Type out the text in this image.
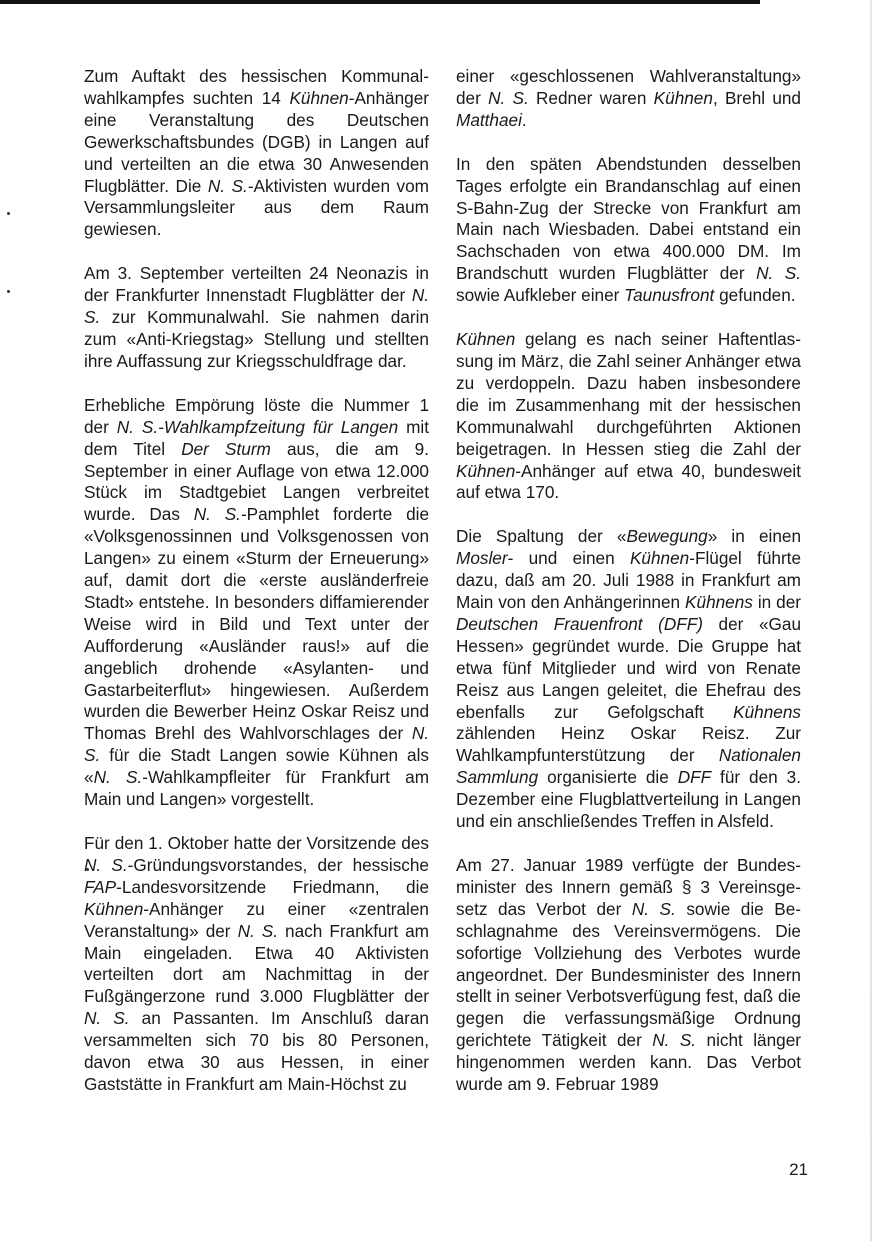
Zum Auftakt des hessischen Kommunalwahlkampfes suchten 14 Kühnen-Anhänger eine Veranstaltung des Deutschen Gewerkschaftsbundes (DGB) in Langen auf und verteilten an die etwa 30 Anwesenden Flugblätter. Die N. S.-Aktivisten wurden vom Versammlungsleiter aus dem Raum gewiesen.

Am 3. September verteilten 24 Neonazis in der Frankfurter Innenstadt Flugblätter der N. S. zur Kommunalwahl. Sie nahmen darin zum «Anti-Kriegstag» Stellung und stellten ihre Auffassung zur Kriegsschuldfrage dar.

Erhebliche Empörung löste die Nummer 1 der N. S.-Wahlkampfzeitung für Langen mit dem Titel Der Sturm aus, die am 9. September in einer Auflage von etwa 12.000 Stück im Stadtgebiet Langen verbreitet wurde. Das N. S.-Pamphlet forderte die «Volksgenossinnen und Volksgenossen von Langen» zu einem «Sturm der Erneuerung» auf, damit dort die «erste ausländerfreie Stadt» entstehe. In besonders diffamierender Weise wird in Bild und Text unter der Aufforderung «Ausländer raus!» auf die angeblich drohende «Asylanten- und Gastarbeiterflut» hingewiesen. Außerdem wurden die Bewerber Heinz Oskar Reisz und Thomas Brehl des Wahlvorschlages der N. S. für die Stadt Langen sowie Kühnen als «N. S.-Wahlkampfleiter für Frankfurt am Main und Langen» vorgestellt.

Für den 1. Oktober hatte der Vorsitzende des N. S.-Gründungsvorstandes, der hessische FAP-Landesvorsitzende Friedmann, die Kühnen-Anhänger zu einer «zentralen Veranstaltung» der N. S. nach Frankfurt am Main eingeladen. Etwa 40 Aktivisten verteilten dort am Nachmittag in der Fußgängerzone rund 3.000 Flugblätter der N. S. an Passanten. Im Anschluß daran versammelten sich 70 bis 80 Personen, davon etwa 30 aus Hessen, in einer Gaststätte in Frankfurt am Main-Höchst zu

einer «geschlossenen Wahlveranstaltung» der N. S. Redner waren Kühnen, Brehl und Matthaei.

In den späten Abendstunden desselben Tages erfolgte ein Brandanschlag auf einen S-Bahn-Zug der Strecke von Frankfurt am Main nach Wiesbaden. Dabei entstand ein Sachschaden von etwa 400.000 DM. Im Brandschutt wurden Flugblätter der N. S. sowie Aufkleber einer Taunusfront gefunden.

Kühnen gelang es nach seiner Haftentlassung im März, die Zahl seiner Anhänger etwa zu verdoppeln. Dazu haben insbesondere die im Zusammenhang mit der hessischen Kommunalwahl durchgeführten Aktionen beigetragen. In Hessen stieg die Zahl der Kühnen-Anhänger auf etwa 40, bundesweit auf etwa 170.

Die Spaltung der «Bewegung» in einen Mosler- und einen Kühnen-Flügel führte dazu, daß am 20. Juli 1988 in Frankfurt am Main von den Anhängerinnen Kühnens in der Deutschen Frauenfront (DFF) der «Gau Hessen» gegründet wurde. Die Gruppe hat etwa fünf Mitglieder und wird von Renate Reisz aus Langen geleitet, die Ehefrau des ebenfalls zur Gefolgschaft Kühnens zählenden Heinz Oskar Reisz. Zur Wahlkampfunterstützung der Nationalen Sammlung organisierte die DFF für den 3. Dezember eine Flugblattverteilung in Langen und ein anschließendes Treffen in Alsfeld.

Am 27. Januar 1989 verfügte der Bundesminister des Innern gemäß § 3 Vereinsgesetz das Verbot der N. S. sowie die Beschlagnahme des Vereinsvermögens. Die sofortige Vollziehung des Verbotes wurde angeordnet. Der Bundesminister des Innern stellt in seiner Verbotsverfügung fest, daß die gegen die verfassungsmäßige Ordnung gerichtete Tätigkeit der N. S. nicht länger hingenommen werden kann. Das Verbot wurde am 9. Februar 1989

21
